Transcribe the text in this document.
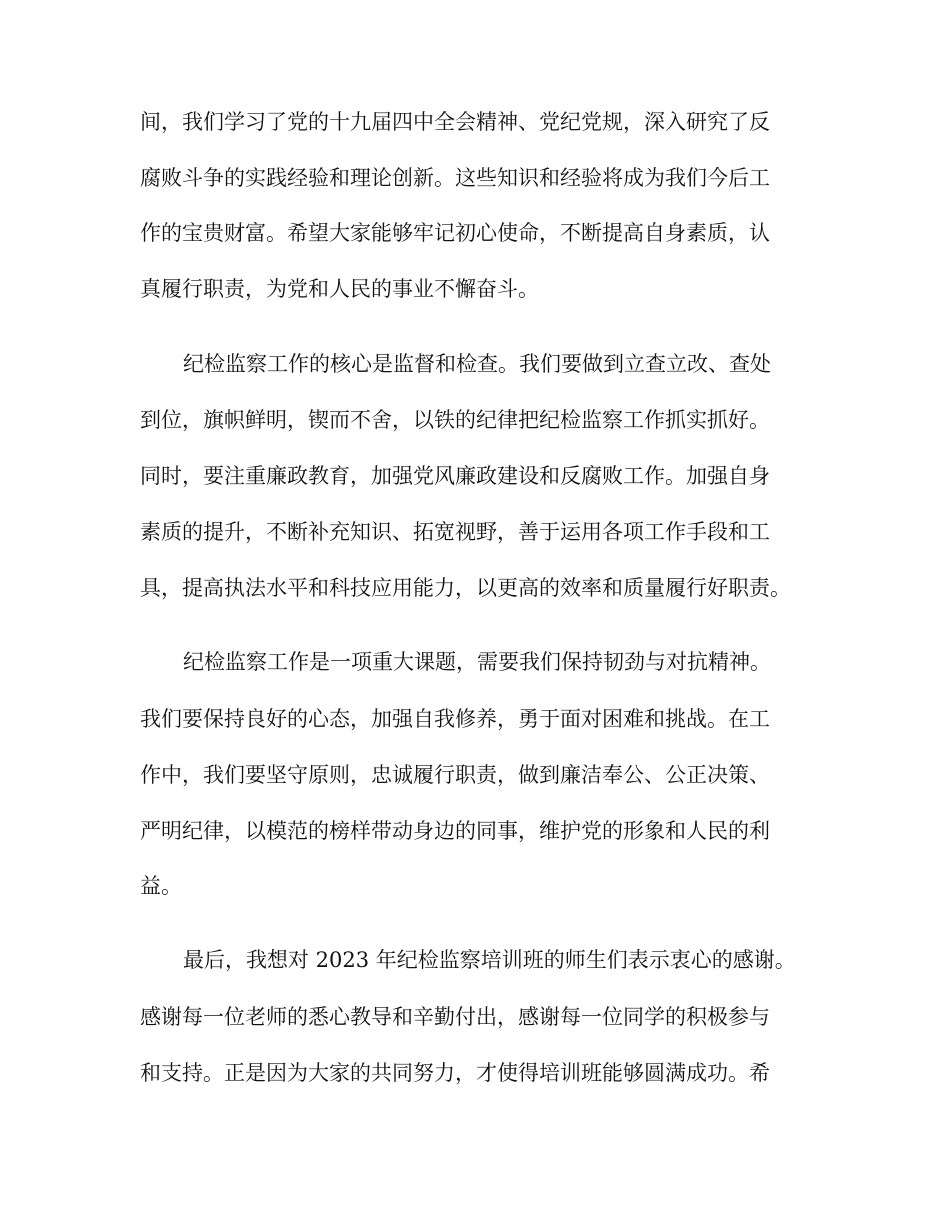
间，我们学习了党的十九届四中全会精神、党纪党规，深入研究了反

腐败斗争的实践经验和理论创新。这些知识和经验将成为我们今后工

作的宝贵财富。希望大家能够牢记初心使命，不断提高自身素质，认

真履行职责，为党和人民的事业不懈奋斗。

纪检监察工作的核心是监督和检查。我们要做到立查立改、查处

到位，旗帜鲜明，锲而不舍，以铁的纪律把纪检监察工作抓实抓好。

同时，要注重廉政教育，加强党风廉政建设和反腐败工作。加强自身

素质的提升，不断补充知识、拓宽视野，善于运用各项工作手段和工

具，提高执法水平和科技应用能力，以更高的效率和质量履行好职责。

纪检监察工作是一项重大课题，需要我们保持韧劲与对抗精神。

我们要保持良好的心态，加强自我修养，勇于面对困难和挑战。在工

作中，我们要坚守原则，忠诚履行职责，做到廉洁奉公、公正决策、

严明纪律，以模范的榜样带动身边的同事，维护党的形象和人民的利

益。

最后，我想对 2023 年纪检监察培训班的师生们表示衷心的感谢。

感谢每一位老师的悉心教导和辛勤付出，感谢每一位同学的积极参与

和支持。正是因为大家的共同努力，才使得培训班能够圆满成功。希
